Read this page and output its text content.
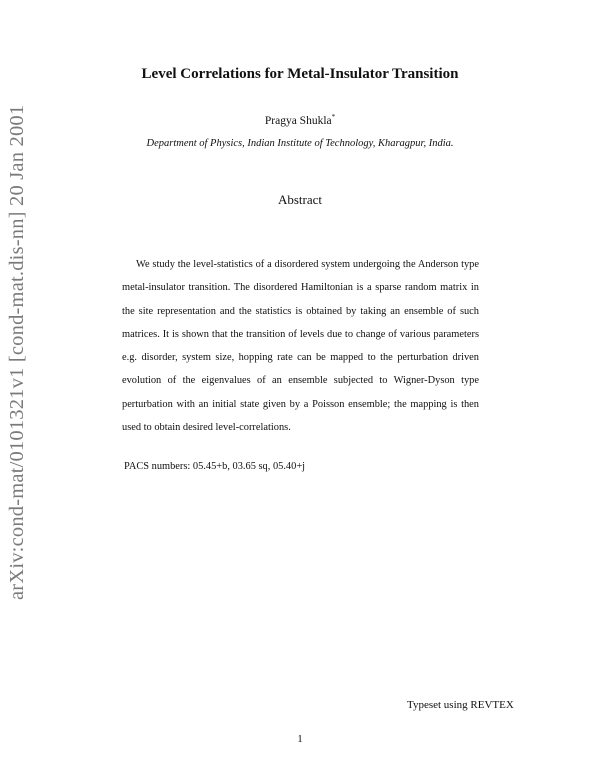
arXiv:cond-mat/0101321v1 [cond-mat.dis-nn] 20 Jan 2001
Level Correlations for Metal-Insulator Transition
Pragya Shukla*
Department of Physics, Indian Institute of Technology, Kharagpur, India.
Abstract

We study the level-statistics of a disordered system undergoing the Anderson type metal-insulator transition. The disordered Hamiltonian is a sparse random matrix in the site representation and the statistics is obtained by taking an ensemble of such matrices. It is shown that the transition of levels due to change of various parameters e.g. disorder, system size, hopping rate can be mapped to the perturbation driven evolution of the eigenvalues of an ensemble subjected to Wigner-Dyson type perturbation with an initial state given by a Poisson ensemble; the mapping is then used to obtain desired level-correlations.

PACS numbers: 05.45+b, 03.65 sq, 05.40+j
Typeset using REVTEX
1
